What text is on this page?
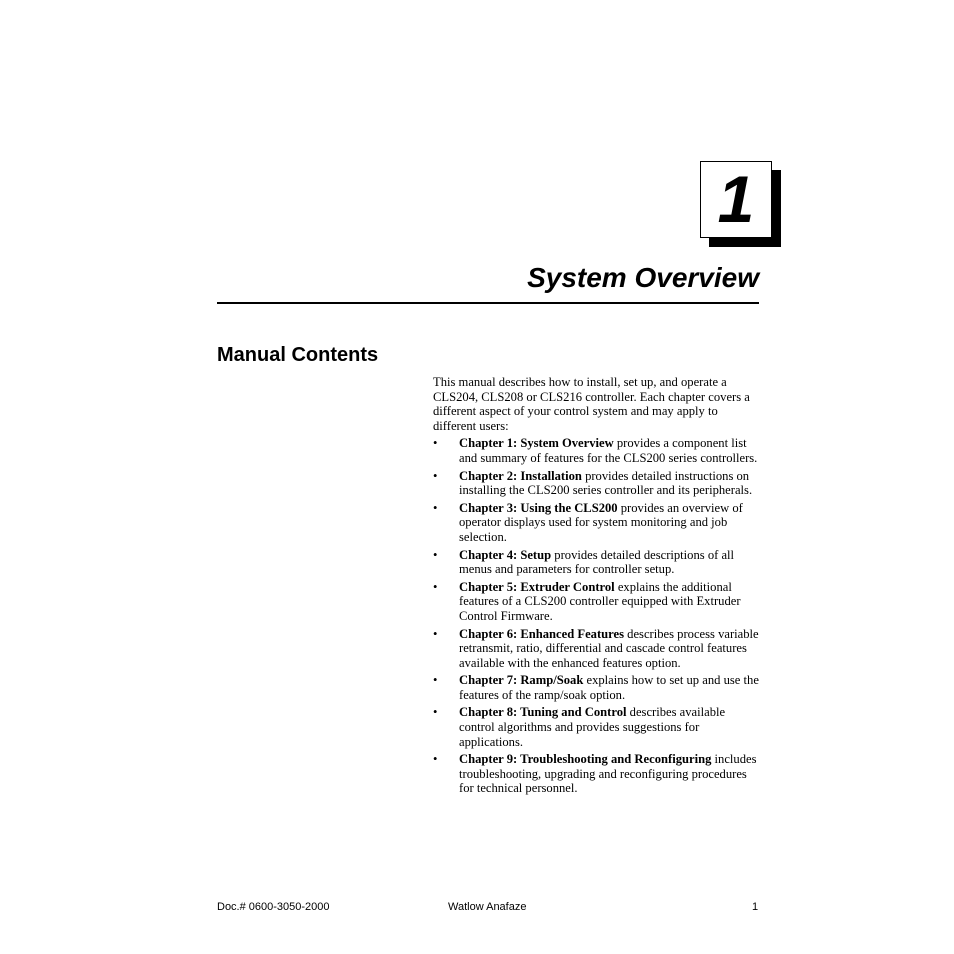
1
System Overview
Manual Contents

This manual describes how to install, set up, and operate a CLS204, CLS208 or CLS216 controller. Each chapter covers a different aspect of your control system and may apply to different users:

• Chapter 1: System Overview provides a component list and summary of features for the CLS200 series controllers.
• Chapter 2: Installation provides detailed instructions on installing the CLS200 series controller and its peripherals.
• Chapter 3: Using the CLS200 provides an overview of operator displays used for system monitoring and job selection.
• Chapter 4: Setup provides detailed descriptions of all menus and parameters for controller setup.
• Chapter 5: Extruder Control explains the additional features of a CLS200 controller equipped with Extruder Control Firmware.
• Chapter 6: Enhanced Features describes process variable retransmit, ratio, differential and cascade control features available with the enhanced features option.
• Chapter 7: Ramp/Soak explains how to set up and use the features of the ramp/soak option.
• Chapter 8: Tuning and Control describes available control algorithms and provides suggestions for applications.
• Chapter 9: Troubleshooting and Reconfiguring includes troubleshooting, upgrading and reconfiguring procedures for technical personnel.
Doc.# 0600-3050-2000	Watlow Anafaze	1
